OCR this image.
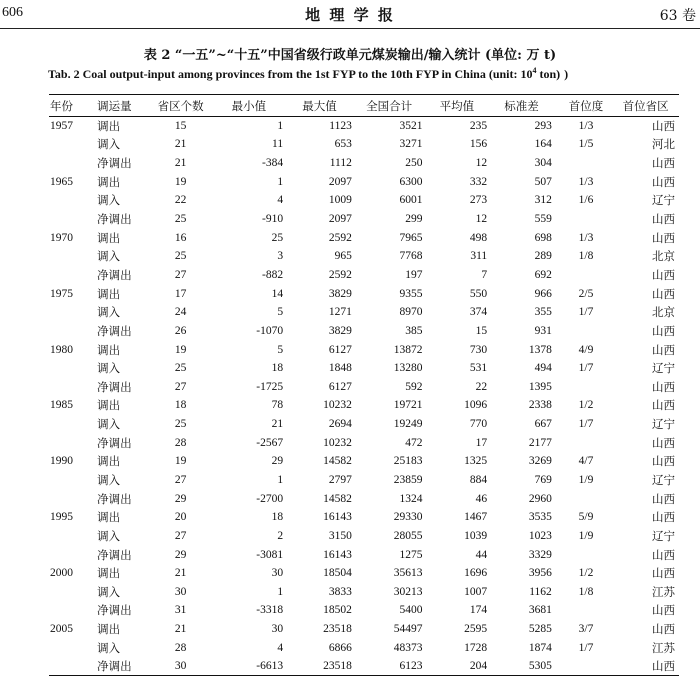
606	地 理 学 报	63 卷
表 2 “一五”~“十五”中国省级行政单元煤炭输出/输入统计 (单位: 万 t)
Tab. 2 Coal output-input among provinces from the 1st FYP to the 10th FYP in China (unit: $10^4$ ton) )
年份	调运量	省区个数	最小值	最大值	全国合计	平均值	标准差	首位度	首位省区
1957	调出	15	1	1123	3521	235	293	1/3	山西
	调入	21	11	653	3271	156	164	1/5	河北
	净调出	21	-384	1112	250	12	304		山西
1965	调出	19	1	2097	6300	332	507	1/3	山西
	调入	22	4	1009	6001	273	312	1/6	辽宁
	净调出	25	-910	2097	299	12	559		山西
1970	调出	16	25	2592	7965	498	698	1/3	山西
	调入	25	3	965	7768	311	289	1/8	北京
	净调出	27	-882	2592	197	7	692		山西
1975	调出	17	14	3829	9355	550	966	2/5	山西
	调入	24	5	1271	8970	374	355	1/7	北京
	净调出	26	-1070	3829	385	15	931		山西
1980	调出	19	5	6127	13872	730	1378	4/9	山西
	调入	25	18	1848	13280	531	494	1/7	辽宁
	净调出	27	-1725	6127	592	22	1395		山西
1985	调出	18	78	10232	19721	1096	2338	1/2	山西
	调入	25	21	2694	19249	770	667	1/7	辽宁
	净调出	28	-2567	10232	472	17	2177		山西
1990	调出	19	29	14582	25183	1325	3269	4/7	山西
	调入	27	1	2797	23859	884	769	1/9	辽宁
	净调出	29	-2700	14582	1324	46	2960		山西
1995	调出	20	18	16143	29330	1467	3535	5/9	山西
	调入	27	2	3150	28055	1039	1023	1/9	辽宁
	净调出	29	-3081	16143	1275	44	3329		山西
2000	调出	21	30	18504	35613	1696	3956	1/2	山西
	调入	30	1	3833	30213	1007	1162	1/8	江苏
	净调出	31	-3318	18502	5400	174	3681		山西
2005	调出	21	30	23518	54497	2595	5285	3/7	山西
	调入	28	4	6866	48373	1728	1874	1/7	江苏
	净调出	30	-6613	23518	6123	204	5305		山西
